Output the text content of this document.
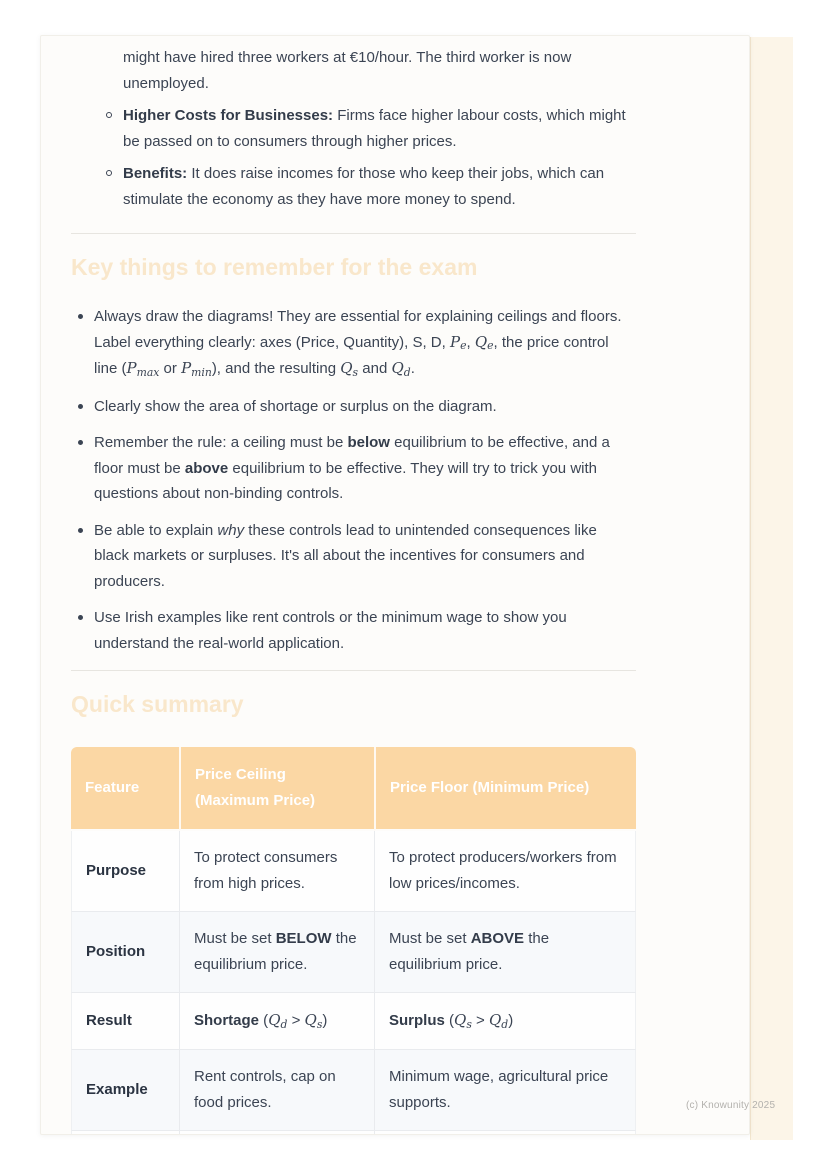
might have hired three workers at €10/hour. The third worker is now unemployed.

Higher Costs for Businesses: Firms face higher labour costs, which might be passed on to consumers through higher prices.

Benefits: It does raise incomes for those who keep their jobs, which can stimulate the economy as they have more money to spend.

Key things to remember for the exam
Always draw the diagrams! They are essential for explaining ceilings and floors. Label everything clearly: axes (Price, Quantity), S, D, $P_e$, $Q_e$, the price control line ($P_{max}$ or $P_{min}$), and the resulting $Q_s$ and $Q_d$.
Clearly show the area of shortage or surplus on the diagram.
Remember the rule: a ceiling must be below equilibrium to be effective, and a floor must be above equilibrium to be effective. They will try to trick you with questions about non-binding controls.
Be able to explain why these controls lead to unintended consequences like black markets or surpluses. It's all about the incentives for consumers and producers.
Use Irish examples like rent controls or the minimum wage to show you understand the real-world application.
Quick summary
Feature	Price Ceiling (Maximum Price)	Price Floor (Minimum Price)
Purpose	To protect consumers from high prices.	To protect producers/workers from low prices/incomes.
Position	Must be set BELOW the equilibrium price.	Must be set ABOVE the equilibrium price.
Result	Shortage $(Q_d > Q_s)$	Surplus $(Q_s > Q_d)$
Example	Rent controls, cap on food prices.	Minimum wage, agricultural price supports.
			(c) Knowunity 2025
